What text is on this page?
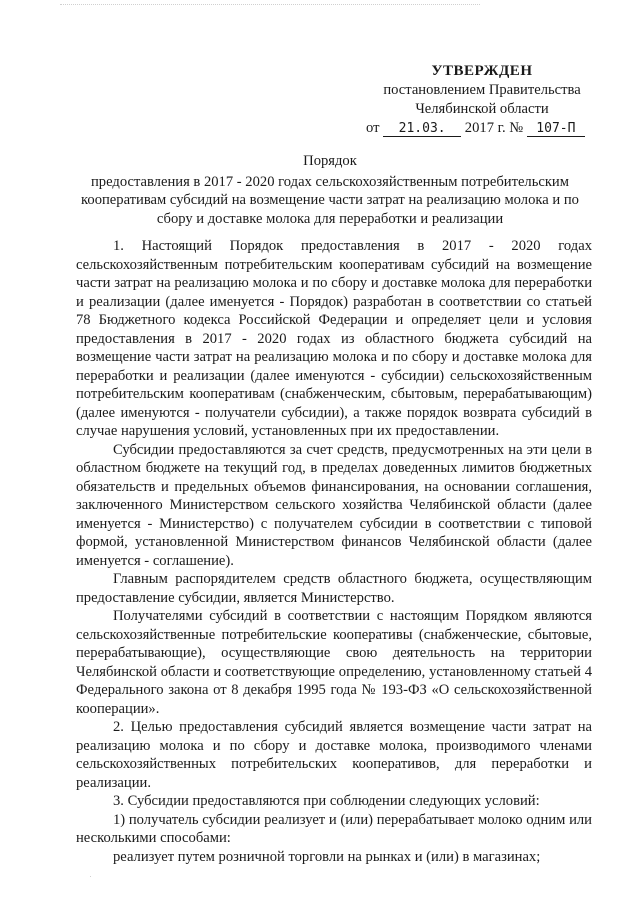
УТВЕРЖДЕН
постановлением Правительства
Челябинской области
от 21.03. 2017 г. № 107-П
Порядок
предоставления в 2017 - 2020 годах сельскохозяйственным потребительским кооперативам субсидий на возмещение части затрат на реализацию молока и по сбору и доставке молока для переработки и реализации

1. Настоящий Порядок предоставления в 2017 - 2020 годах сельскохозяйственным потребительским кооперативам субсидий на возмещение части затрат на реализацию молока и по сбору и доставке молока для переработки и реализации (далее именуется - Порядок) разработан в соответствии со статьей 78 Бюджетного кодекса Российской Федерации и определяет цели и условия предоставления в 2017 - 2020 годах из областного бюджета субсидий на возмещение части затрат на реализацию молока и по сбору и доставке молока для переработки и реализации (далее именуются - субсидии) сельскохозяйственным потребительским кооперативам (снабженческим, сбытовым, перерабатывающим) (далее именуются - получатели субсидии), а также порядок возврата субсидий в случае нарушения условий, установленных при их предоставлении.

Субсидии предоставляются за счет средств, предусмотренных на эти цели в областном бюджете на текущий год, в пределах доведенных лимитов бюджетных обязательств и предельных объемов финансирования, на основании соглашения, заключенного Министерством сельского хозяйства Челябинской области (далее именуется - Министерство) с получателем субсидии в соответствии с типовой формой, установленной Министерством финансов Челябинской области (далее именуется - соглашение).

Главным распорядителем средств областного бюджета, осуществляющим предоставление субсидии, является Министерство.

Получателями субсидий в соответствии с настоящим Порядком являются сельскохозяйственные потребительские кооперативы (снабженческие, сбытовые, перерабатывающие), осуществляющие свою деятельность на территории Челябинской области и соответствующие определению, установленному статьей 4 Федерального закона от 8 декабря 1995 года № 193-ФЗ «О сельскохозяйственной кооперации».

2. Целью предоставления субсидий является возмещение части затрат на реализацию молока и по сбору и доставке молока, производимого членами сельскохозяйственных потребительских кооперативов, для переработки и реализации.

3. Субсидии предоставляются при соблюдении следующих условий:

1) получатель субсидии реализует и (или) перерабатывает молоко одним или несколькими способами:

реализует путем розничной торговли на рынках и (или) в магазинах;
